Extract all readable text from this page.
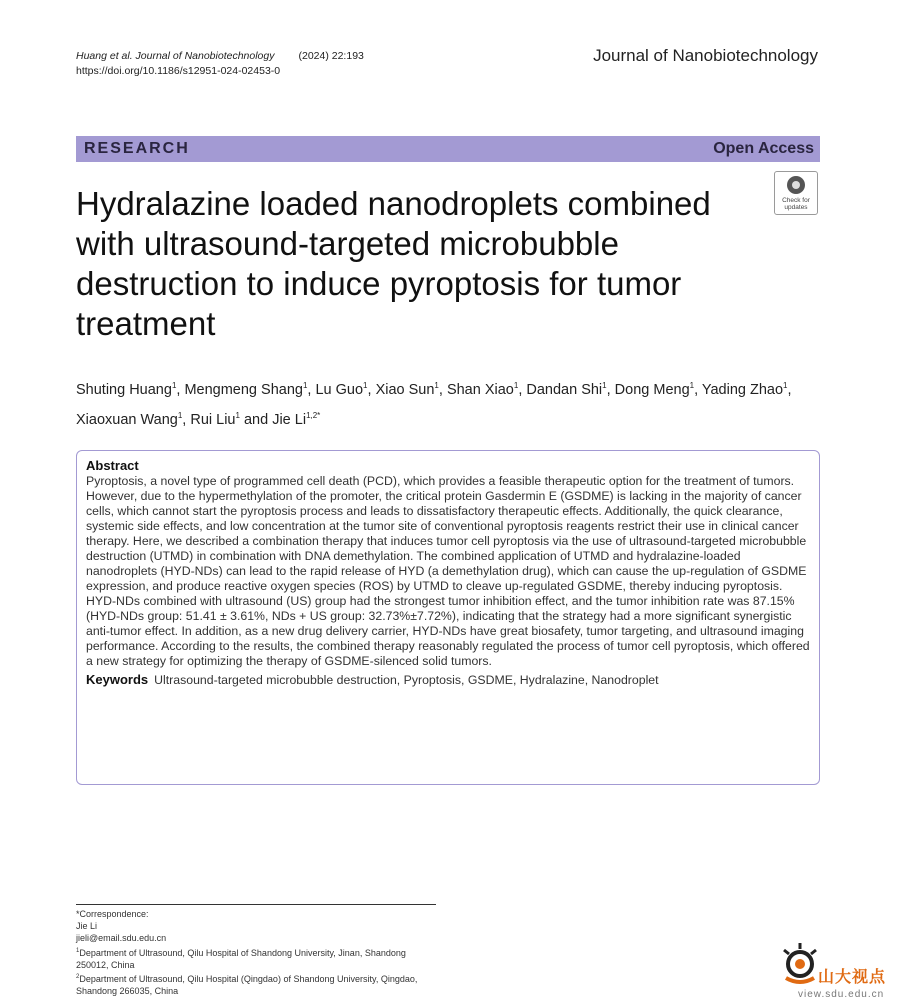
Huang et al. Journal of Nanobiotechnology (2024) 22:193
https://doi.org/10.1186/s12951-024-02453-0
Journal of Nanobiotechnology
RESEARCH	Open Access
Check for updates
Hydralazine loaded nanodroplets combined with ultrasound-targeted microbubble destruction to induce pyroptosis for tumor treatment
Shuting Huang$^1$, Mengmeng Shang$^1$, Lu Guo$^1$, Xiao Sun$^1$, Shan Xiao$^1$, Dandan Shi$^1$, Dong Meng$^1$, Yading Zhao$^1$, Xiaoxuan Wang$^1$, Rui Liu$^1$ and Jie $Li^{1,2*}$
Abstract
Pyroptosis, a novel type of programmed cell death (PCD), which provides a feasible therapeutic option for the treatment of tumors. However, due to the hypermethylation of the promoter, the critical protein Gasdermin E (GSDME) is lacking in the majority of cancer cells, which cannot start the pyroptosis process and leads to dissatisfactory therapeutic effects. Additionally, the quick clearance, systemic side effects, and low concentration at the tumor site of conventional pyroptosis reagents restrict their use in clinical cancer therapy. Here, we described a combination therapy that induces tumor cell pyroptosis via the use of ultrasound-targeted microbubble destruction (UTMD) in combination with DNA demethylation. The combined application of UTMD and hydralazine-loaded nanodroplets (HYD-NDs) can lead to the rapid release of HYD (a demethylation drug), which can cause the up-regulation of GSDME expression, and produce reactive oxygen species (ROS) by UTMD to cleave up-regulated GSDME, thereby inducing pyroptosis. HYD-NDs combined with ultrasound (US) group had the strongest tumor inhibition effect, and the tumor inhibition rate was 87.15% (HYD-NDs group: 51.41 ± 3.61%, NDs + US group: 32.73%±7.72%), indicating that the strategy had a more significant synergistic anti-tumor effect. In addition, as a new drug delivery carrier, HYD-NDs have great biosafety, tumor targeting, and ultrasound imaging performance. According to the results, the combined therapy reasonably regulated the process of tumor cell pyroptosis, which offered a new strategy for optimizing the therapy of GSDME-silenced solid tumors.
Keywords Ultrasound-targeted microbubble destruction, Pyroptosis, GSDME, Hydralazine, Nanodroplet
*Correspondence:
Jie Li
jieli@email.sdu.edu.cn
$^1$Department of Ultrasound, Qilu Hospital of Shandong University, Jinan, Shandong 250012, China
$^2$Department of Ultrasound, Qilu Hospital (Qingdao) of Shandong University, Qingdao, Shandong 266035, China
山大视点
view.sdu.edu.cn
